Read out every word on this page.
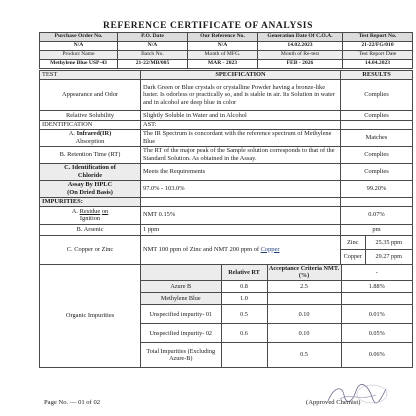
REFERENCE CERTIFICATE OF ANALYSIS
Purchase Order No.	P.O. Date	Our Reference No.	Generation Date Of C.O.A.	Test Report No.
N/A	N/A	N/A	14.02.2023	21-22/FG/010
Product Name	Batch No.	Month of MFG.	Month of Re-test	Test Report Date
Methylene Blue USP-43	21-22/MB/005	MAR - 2023	FEB - 2026	14.04.2023
TEST	SPECIFICATION	RESULTS
Appearance and Odor	Dark Green or Blue crystals or crystalline Powder having a bronze-like luster. Is odorless or practically so, and is stable in air. Its Solution in water and in alcohol are deep blue in color	Complies
Relative Solubility	Slightly Soluble in Water and in Alcohol	Complies
IDENTIFICATION	AST:	
A. Infrared(IR)
Absorption	The IR Spectrum is concordant with the reference spectrum of Methylene Blue	Matches
B. Retention Time (RT)	The RT of the major peak of the Sample solution corresponds to that of the Standard Solution. As obtained in the Assay.	Complies
C. Identification of
Chloride	Meets the Requirements	Complies
Assay By HPLC
(On Dried Basis)	97.0% - 103.0%	99.20%
IMPURITIES:		
A. Residue on
Ignition	NMT 0.15%	0.07%
B. Arsenic	1 ppm	pm
C. Copper or Zinc	NMT 100 ppm of Zinc and NMT 200 ppm of Copper	
Zinc	25.35 ppm
Copper	29.27 ppm

Organic Impurities	
	Relative RT	Acceptance Criteria NMT. (%)	-
Azure B	0.8	2.5	1.88%
Methylene Blue	1.0		
Unspecified impurity- 01	0.5	0.10	0.01%
Unspecified impurity- 02	0.6	0.10	0.05%
Total Impurities (Excluding Azure-B)		0.5	0.06%
Page No. — 01 of 02	(Approved Chemist)
